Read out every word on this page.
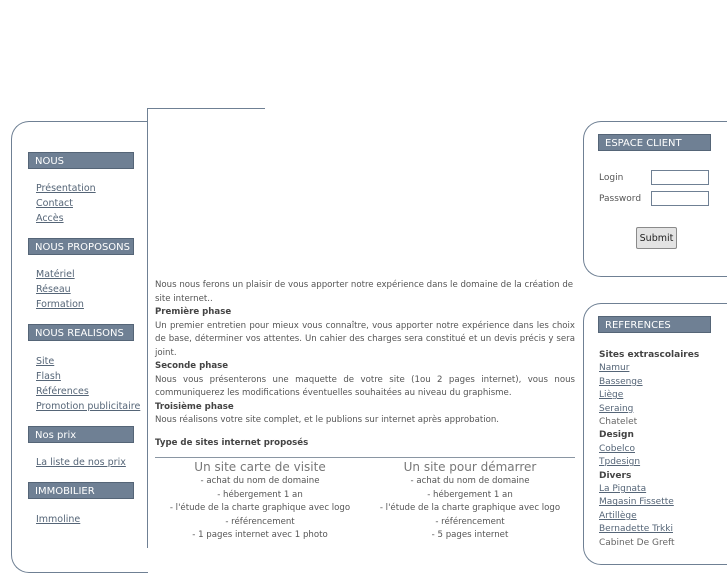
NOUS
Présentation
Contact
Accès
NOUS PROPOSONS
Matériel
Réseau
Formation
NOUS REALISONS
Site
Flash
Références
Promotion publicitaire
Nos prix
La liste de nos prix
IMMOBILIER
Immoline
Nous nous ferons un plaisir de vous apporter notre expérience dans le domaine de la création de site internet..
Première phase
Un premier entretien pour mieux vous connaître, vous apporter notre expérience dans les choix de base, déterminer vos attentes. Un cahier des charges sera constitué et un devis précis y sera joint.
Seconde phase
Nous vous présenterons une maquette de votre site (1ou 2 pages internet), vous nous communiquerez les modifications éventuelles souhaitées au niveau du graphisme.
Troisième phase
Nous réalisons votre site complet, et le publions sur internet après approbation.
Type de sites internet proposés
Un site carte de visite
- achat du nom de domaine
- hébergement 1 an
- l'étude de la charte graphique avec logo
- référencement
- 1 pages internet avec 1 photo
Un site pour démarrer
- achat du nom de domaine
- hébergement 1 an
- l'étude de la charte graphique avec logo
- référencement
- 5 pages internet
ESPACE CLIENT
Login
Password
Submit
REFERENCES
Sites extrascolaires
Namur
Bassenge
Liège
Seraing
Chatelet
Design
Cobelco
Tpdesign
Divers
La Pignata
Magasin Fissette
Artillège
Bernadette Trkki
Cabinet De Greft
